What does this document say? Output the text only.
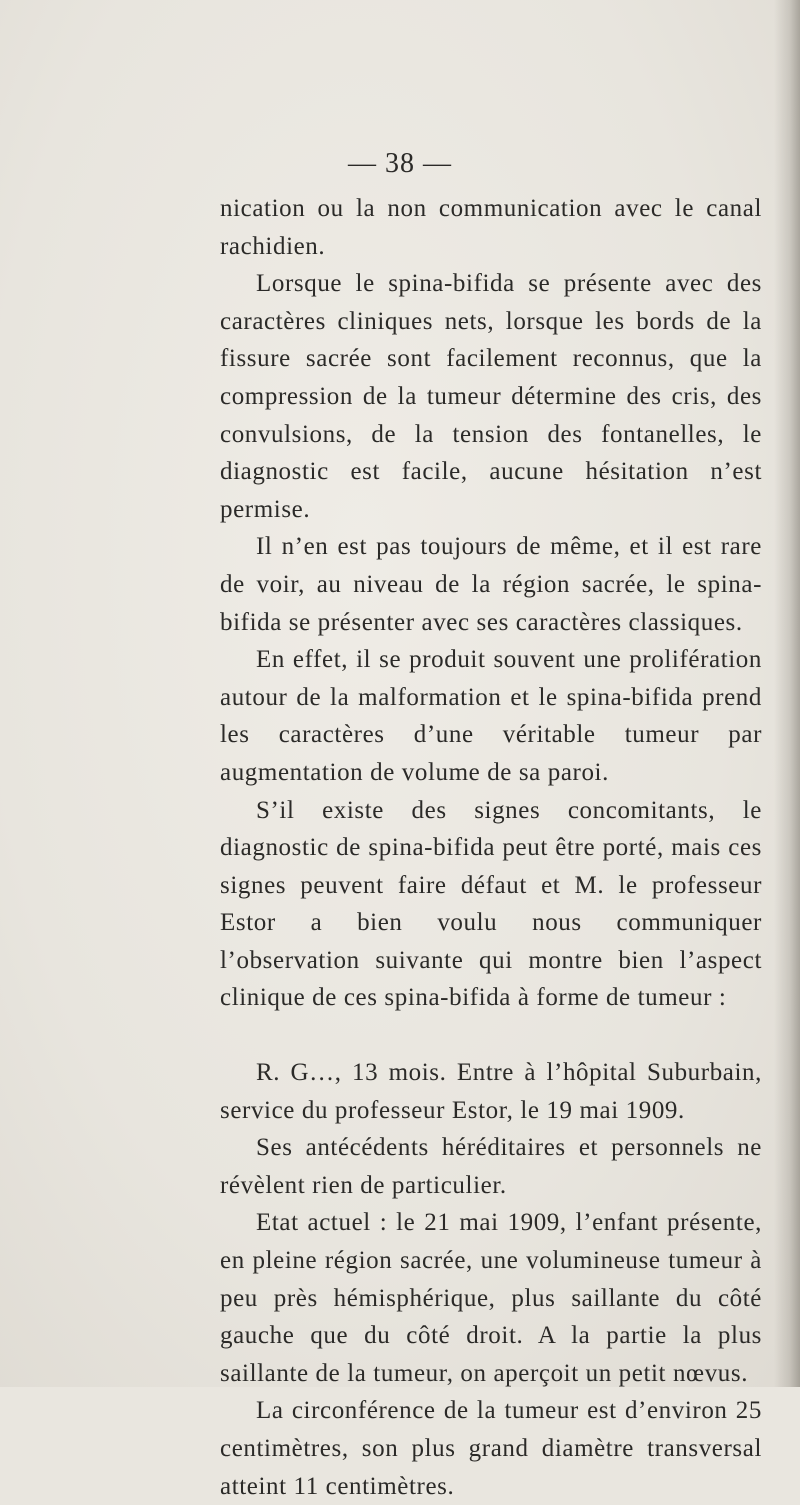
— 38 —

nication ou la non communication avec le canal rachidien.

Lorsque le spina-bifida se présente avec des caractères cliniques nets, lorsque les bords de la fissure sacrée sont facilement reconnus, que la compression de la tumeur détermine des cris, des convulsions, de la tension des fontanelles, le diagnostic est facile, aucune hésitation n’est permise.

Il n’en est pas toujours de même, et il est rare de voir, au niveau de la région sacrée, le spina-bifida se présenter avec ses caractères classiques.

En effet, il se produit souvent une prolifération autour de la malformation et le spina-bifida prend les caractères d’une véritable tumeur par augmentation de volume de sa paroi.

S’il existe des signes concomitants, le diagnostic de spina-bifida peut être porté, mais ces signes peuvent faire défaut et M. le professeur Estor a bien voulu nous communiquer l’observation suivante qui montre bien l’aspect clinique de ces spina-bifida à forme de tumeur :

R. G…, 13 mois. Entre à l’hôpital Suburbain, service du professeur Estor, le 19 mai 1909.

Ses antécédents héréditaires et personnels ne révèlent rien de particulier.

Etat actuel : le 21 mai 1909, l’enfant présente, en pleine région sacrée, une volumineuse tumeur à peu près hémisphérique, plus saillante du côté gauche que du côté droit. A la partie la plus saillante de la tumeur, on aperçoit un petit nœvus.

La circonférence de la tumeur est d’environ 25 centimètres, son plus grand diamètre transversal atteint 11 centimètres.
